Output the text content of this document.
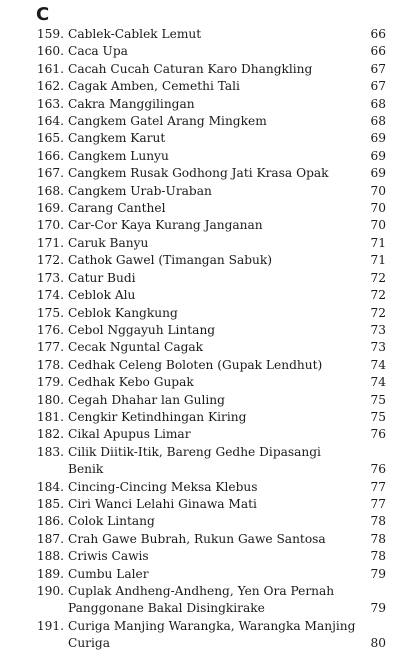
C
159. Cablek-Cablek Lemut	66
160. Caca Upa	66
161. Cacah Cucah Caturan Karo Dhangkling	67
162. Cagak Amben, Cemethi Tali	67
163. Cakra Manggilingan	68
164. Cangkem Gatel Arang Mingkem	68
165. Cangkem Karut	69
166. Cangkem Lunyu	69
167. Cangkem Rusak Godhong Jati Krasa Opak	69
168. Cangkem Urab-Uraban	70
169. Carang Canthel	70
170. Car-Cor Kaya Kurang Janganan	70
171. Caruk Banyu	71
172. Cathok Gawel (Timangan Sabuk)	71
173. Catur Budi	72
174. Ceblok Alu	72
175. Ceblok Kangkung	72
176. Cebol Nggayuh Lintang	73
177. Cecak Nguntal Cagak	73
178. Cedhak Celeng Boloten (Gupak Lendhut)	74
179. Cedhak Kebo Gupak	74
180. Cegah Dhahar lan Guling	75
181. Cengkir Ketindhingan Kiring	75
182. Cikal Apupus Limar	76
183. Cilik Diitik-Itik, Bareng Gedhe Dipasangi Benik	76
184. Cincing-Cincing Meksa Klebus	77
185. Ciri Wanci Lelahi Ginawa Mati	77
186. Colok Lintang	78
187. Crah Gawe Bubrah, Rukun Gawe Santosa	78
188. Criwis Cawis	78
189. Cumbu Laler	79
190. Cuplak Andheng-Andheng, Yen Ora Pernah Panggonane Bakal Disingkirake	79
191. Curiga Manjing Warangka, Warangka Manjing Curiga	80
